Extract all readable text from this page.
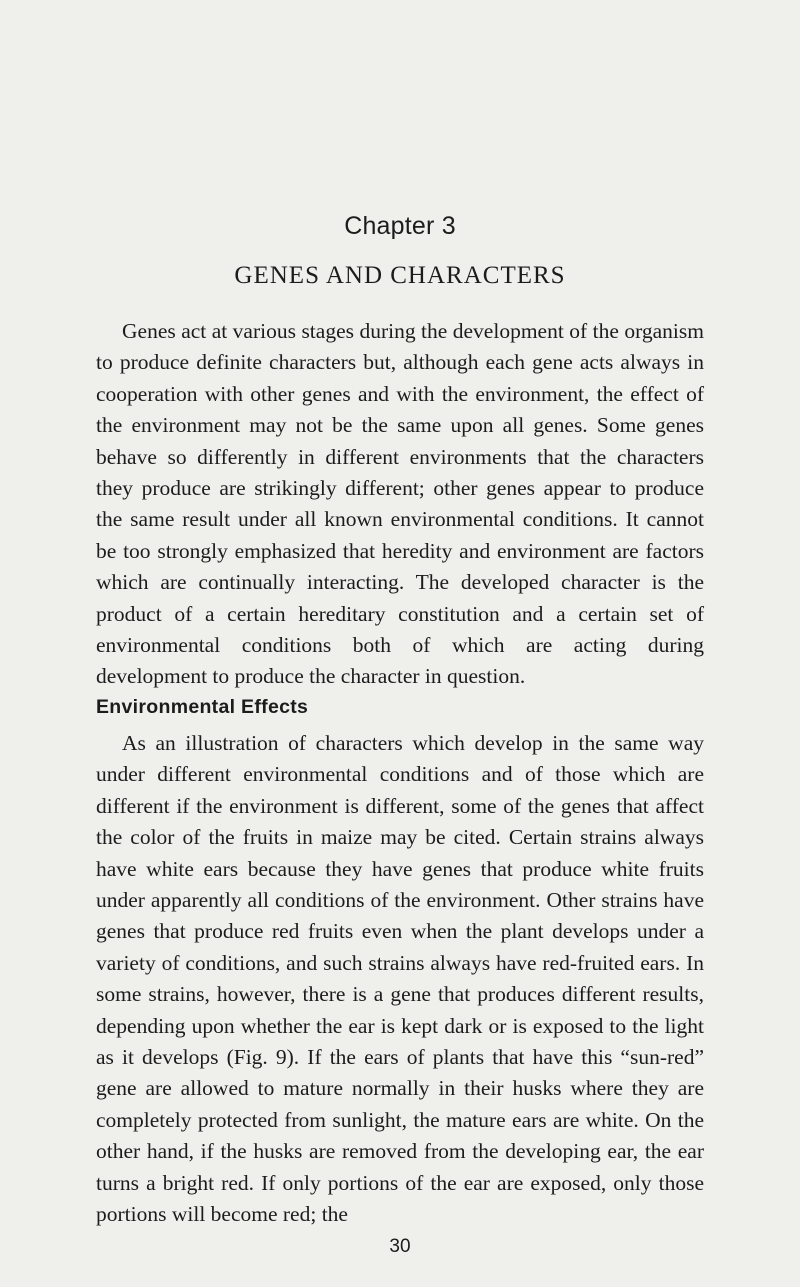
Chapter 3
GENES AND CHARACTERS

Genes act at various stages during the development of the organism to produce definite characters but, although each gene acts always in cooperation with other genes and with the environment, the effect of the environment may not be the same upon all genes. Some genes behave so differently in different environments that the characters they produce are strikingly different; other genes appear to produce the same result under all known environmental conditions. It cannot be too strongly emphasized that heredity and environment are factors which are continually interacting. The developed character is the product of a certain hereditary constitution and a certain set of environmental conditions both of which are acting during development to produce the character in question.

Environmental Effects

As an illustration of characters which develop in the same way under different environmental conditions and of those which are different if the environment is different, some of the genes that affect the color of the fruits in maize may be cited. Certain strains always have white ears because they have genes that produce white fruits under apparently all conditions of the environment. Other strains have genes that produce red fruits even when the plant develops under a variety of conditions, and such strains always have red-fruited ears. In some strains, however, there is a gene that produces different results, depending upon whether the ear is kept dark or is exposed to the light as it develops (Fig. 9). If the ears of plants that have this “sun-red” gene are allowed to mature normally in their husks where they are completely protected from sunlight, the mature ears are white. On the other hand, if the husks are removed from the developing ear, the ear turns a bright red. If only portions of the ear are exposed, only those portions will become red; the

30
